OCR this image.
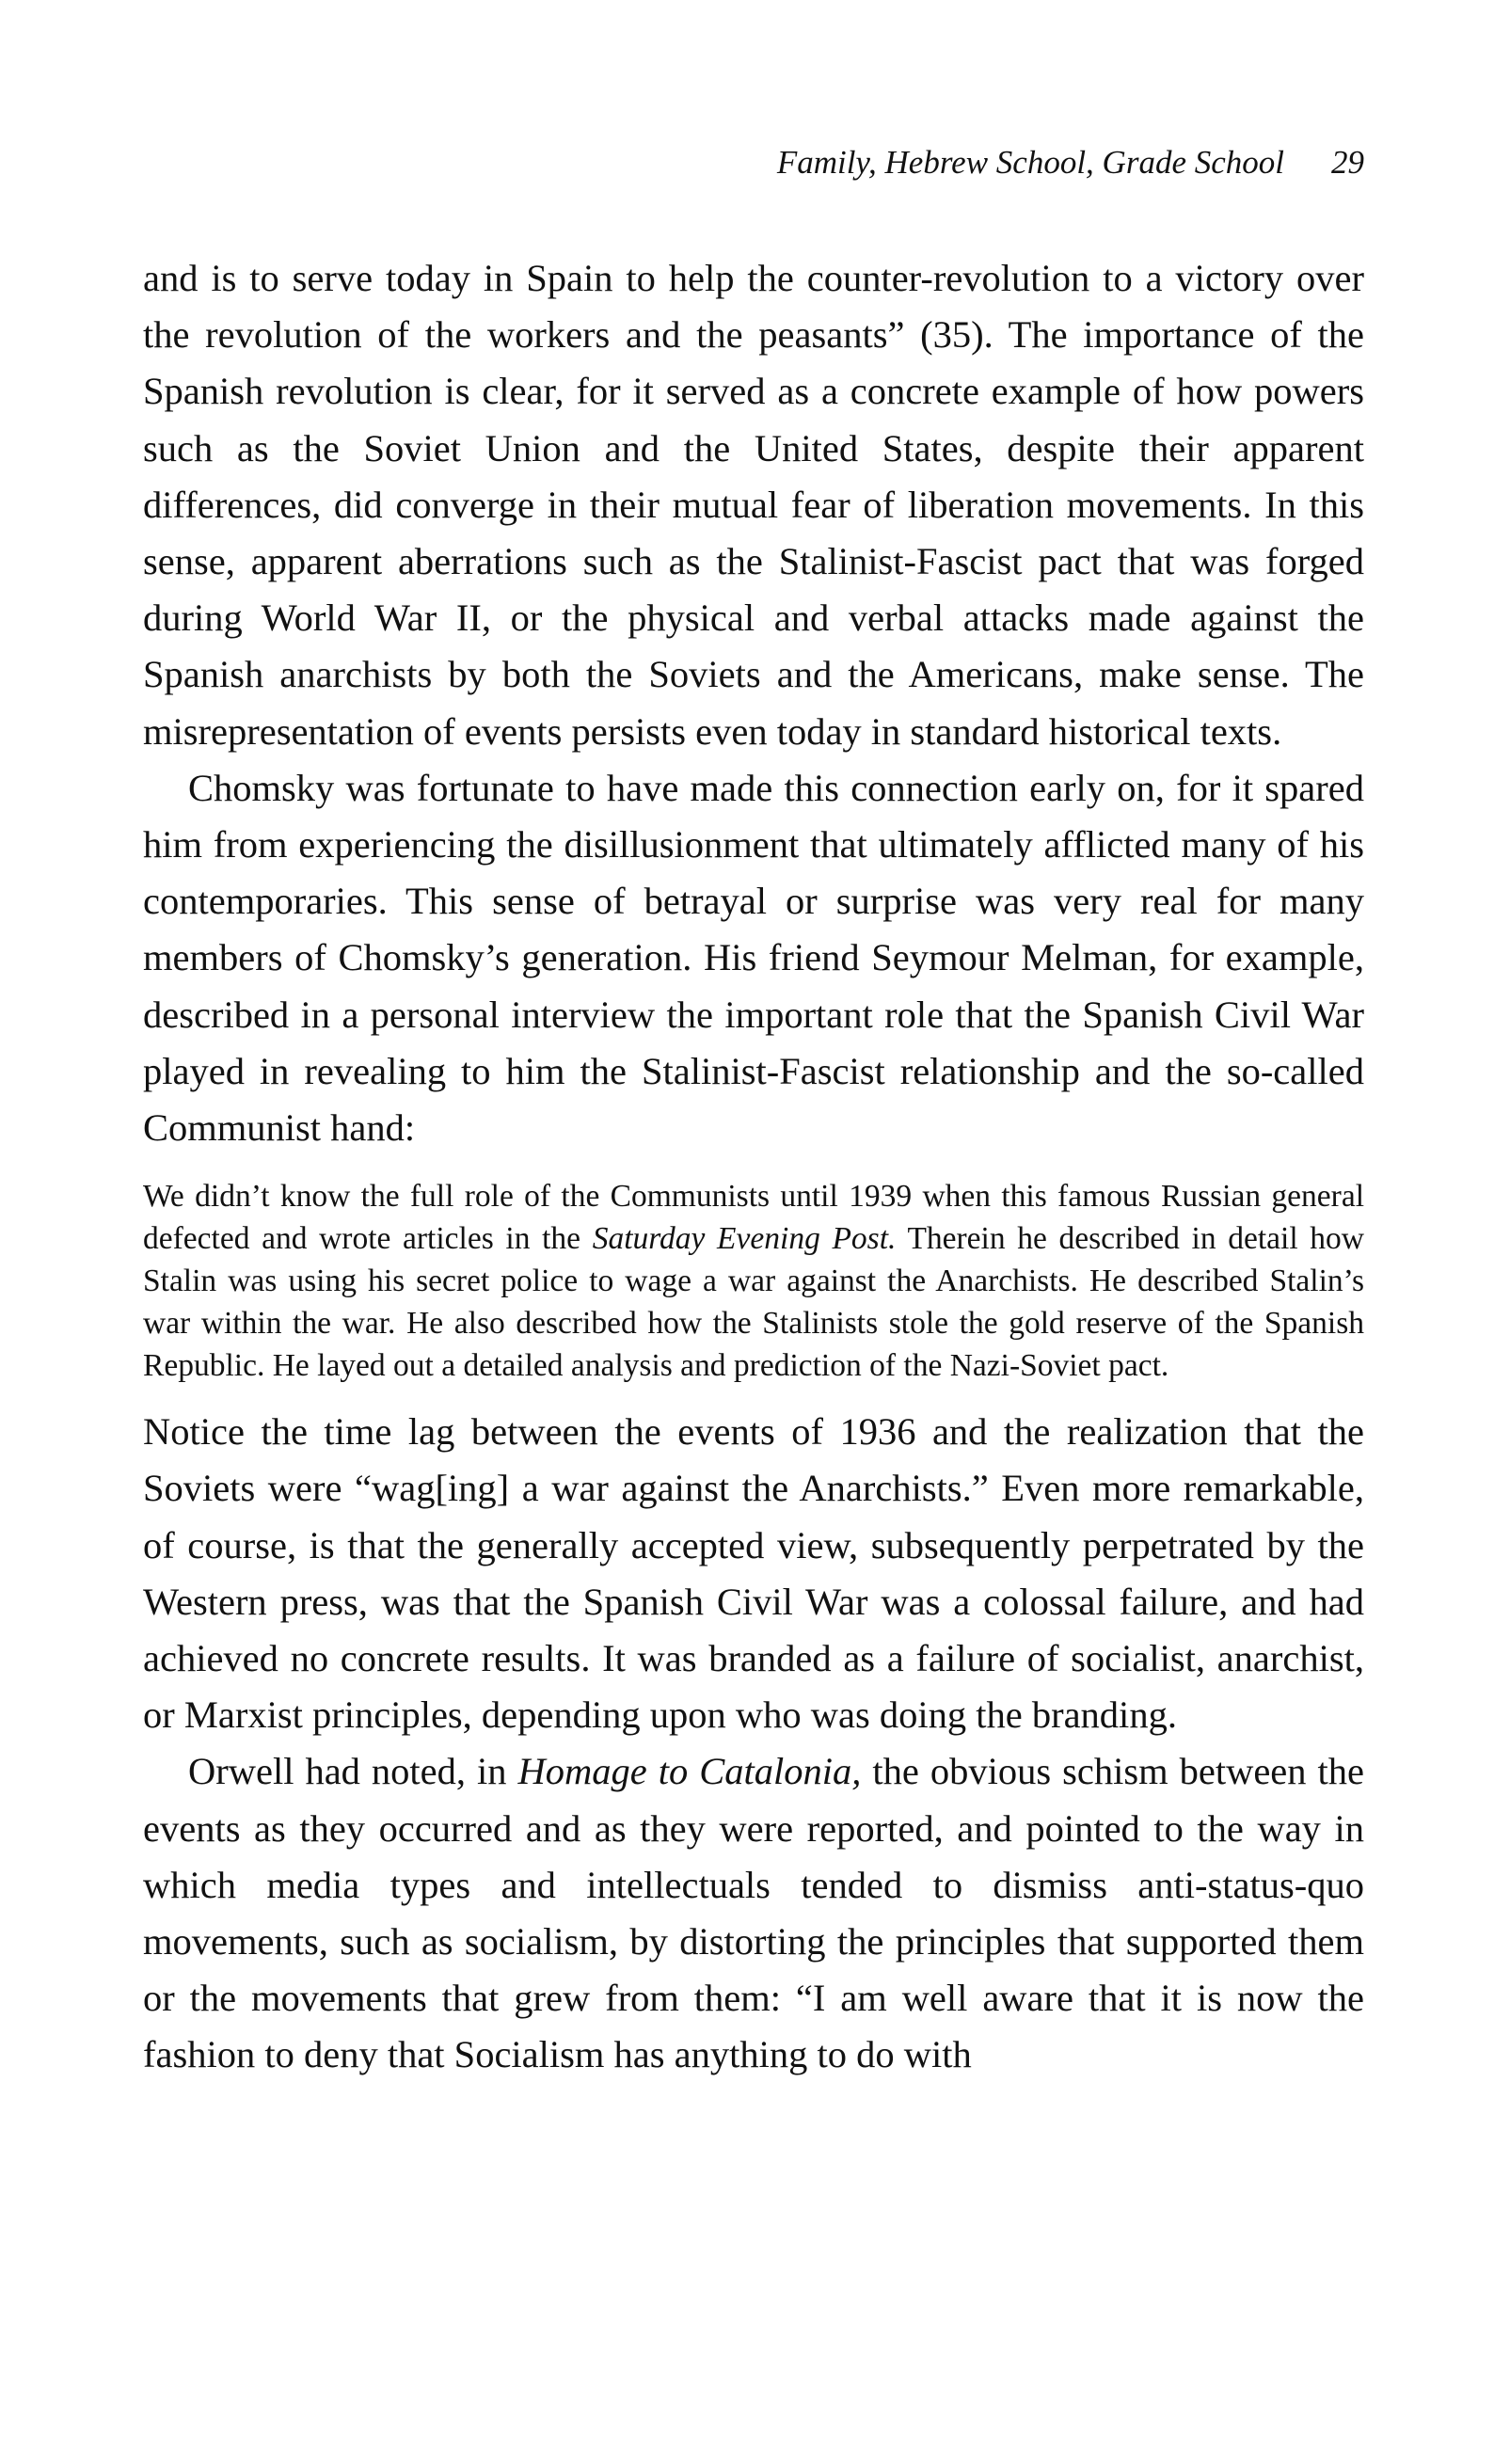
Family, Hebrew School, Grade School 29

and is to serve today in Spain to help the counter-revolution to a victory over the revolution of the workers and the peasants” (35). The importance of the Spanish revolution is clear, for it served as a concrete example of how powers such as the Soviet Union and the United States, despite their apparent differences, did converge in their mutual fear of liberation movements. In this sense, apparent aberrations such as the Stalinist-Fascist pact that was forged during World War II, or the physical and verbal attacks made against the Spanish anarchists by both the Soviets and the Americans, make sense. The misrepresentation of events persists even today in standard historical texts.

Chomsky was fortunate to have made this connection early on, for it spared him from experiencing the disillusionment that ultimately afflicted many of his contemporaries. This sense of betrayal or surprise was very real for many members of Chomsky’s generation. His friend Seymour Melman, for example, described in a personal interview the important role that the Spanish Civil War played in revealing to him the Stalinist-Fascist relationship and the so-called Communist hand:

We didn’t know the full role of the Communists until 1939 when this famous Russian general defected and wrote articles in the Saturday Evening Post. Therein he described in detail how Stalin was using his secret police to wage a war against the Anarchists. He described Stalin’s war within the war. He also described how the Stalinists stole the gold reserve of the Spanish Republic. He layed out a detailed analysis and prediction of the Nazi-Soviet pact.

Notice the time lag between the events of 1936 and the realization that the Soviets were “wag[ing] a war against the Anarchists.” Even more remarkable, of course, is that the generally accepted view, subsequently perpetrated by the Western press, was that the Spanish Civil War was a colossal failure, and had achieved no concrete results. It was branded as a failure of socialist, anarchist, or Marxist principles, depending upon who was doing the branding.

Orwell had noted, in Homage to Catalonia, the obvious schism between the events as they occurred and as they were reported, and pointed to the way in which media types and intellectuals tended to dismiss anti-status-quo movements, such as socialism, by distorting the principles that supported them or the movements that grew from them: “I am well aware that it is now the fashion to deny that Socialism has anything to do with
